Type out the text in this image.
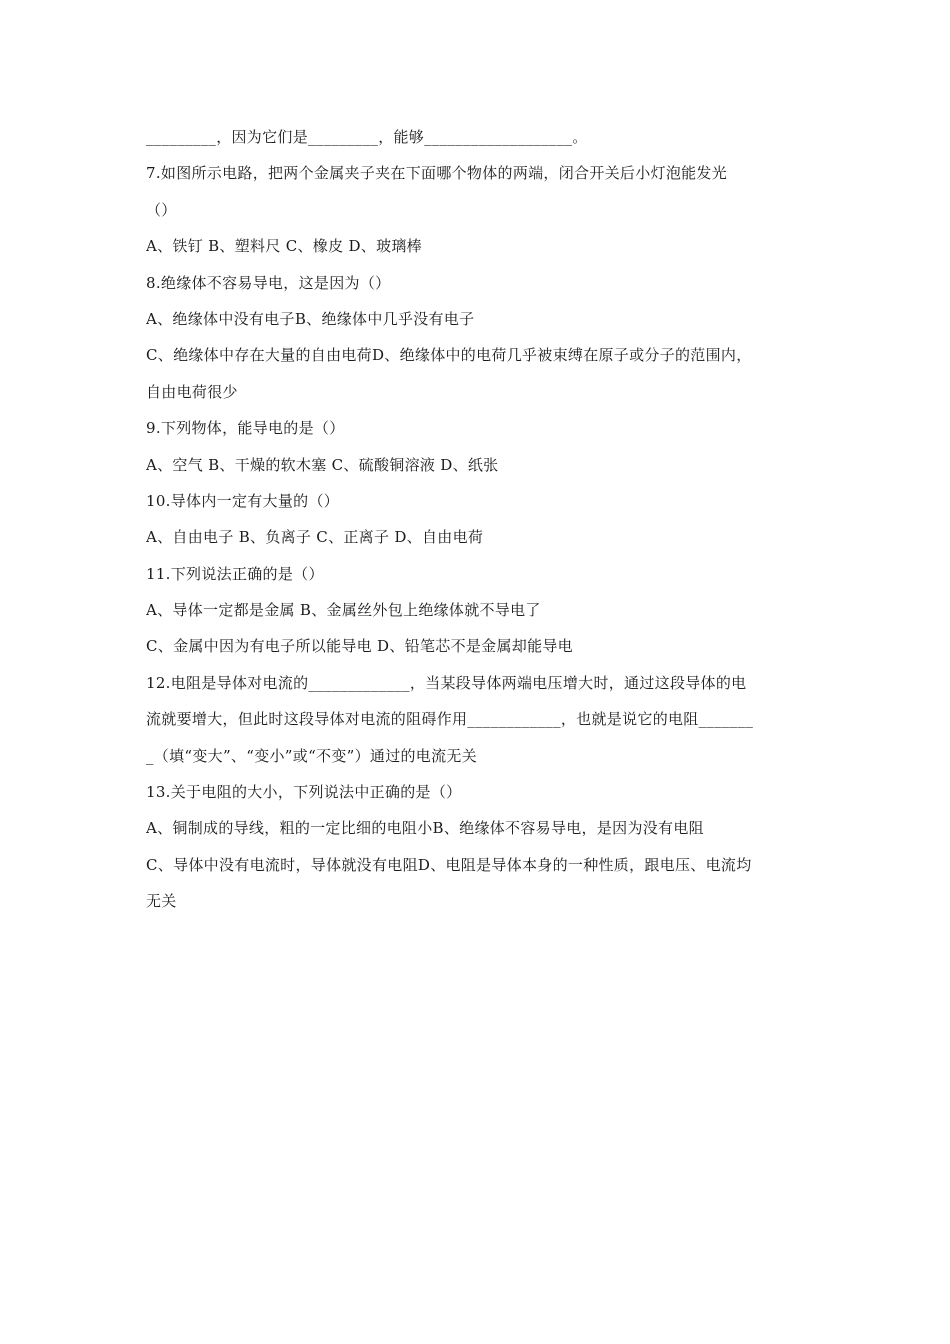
_________，因为它们是_________，能够___________________。
7.如图所示电路，把两个金属夹子夹在下面哪个物体的两端，闭合开关后小灯泡能发光
（）
A、铁钉 B、塑料尺 C、橡皮 D、玻璃棒
8.绝缘体不容易导电，这是因为（）
A、绝缘体中没有电子B、绝缘体中几乎没有电子
C、绝缘体中存在大量的自由电荷D、绝缘体中的电荷几乎被束缚在原子或分子的范围内，
自由电荷很少
9.下列物体，能导电的是（）
A、空气 B、干燥的软木塞 C、硫酸铜溶液 D、纸张
10.导体内一定有大量的（）
A、自由电子 B、负离子 C、正离子 D、自由电荷
11.下列说法正确的是（）
A、导体一定都是金属 B、金属丝外包上绝缘体就不导电了
C、金属中因为有电子所以能导电 D、铅笔芯不是金属却能导电
12.电阻是导体对电流的_____________，当某段导体两端电压增大时，通过这段导体的电
流就要增大，但此时这段导体对电流的阻碍作用____________，也就是说它的电阻_______
_（填“变大”、“变小”或“不变”）通过的电流无关
13.关于电阻的大小，下列说法中正确的是（）
A、铜制成的导线，粗的一定比细的电阻小B、绝缘体不容易导电，是因为没有电阻
C、导体中没有电流时，导体就没有电阻D、电阻是导体本身的一种性质，跟电压、电流均
无关
